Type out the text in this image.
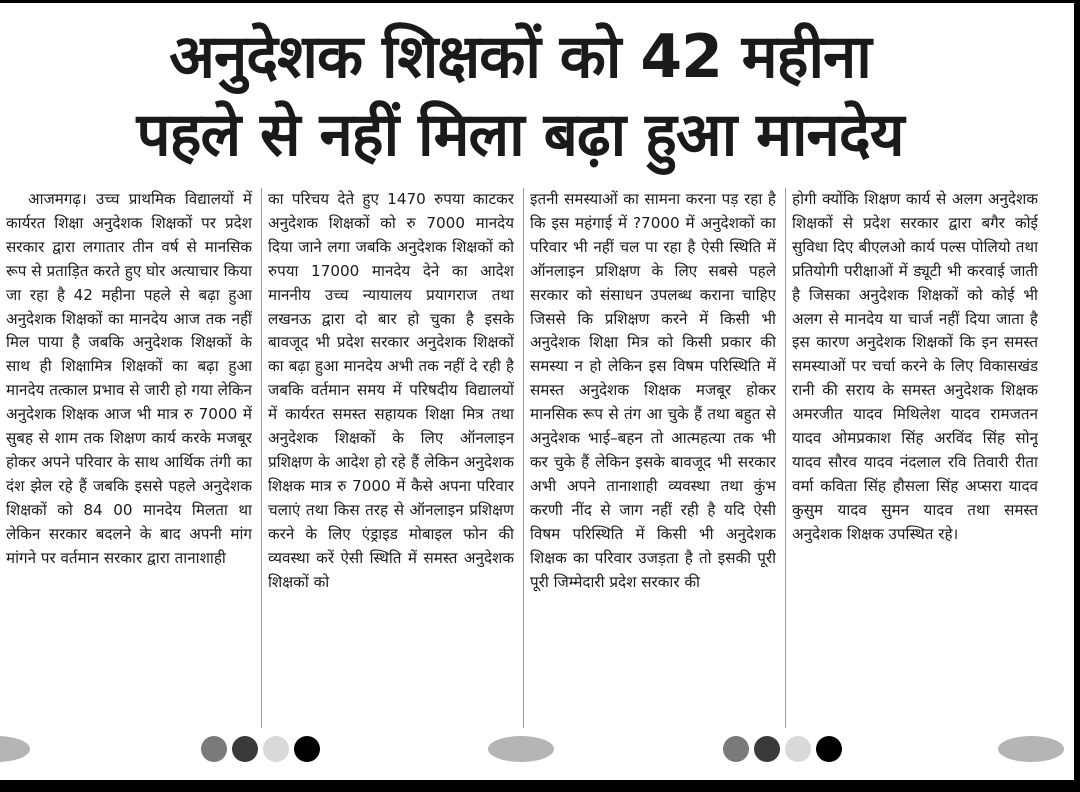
अनुदेशक शिक्षकों को 42 महीना
पहले से नहीं मिला बढ़ा हुआ मानदेय

आजमगढ़। उच्च प्राथमिक विद्यालयों में कार्यरत शिक्षा अनुदेशक शिक्षकों पर प्रदेश सरकार द्वारा लगातार तीन वर्ष से मानसिक रूप से प्रताड़ित करते हुए घोर अत्याचार किया जा रहा है 42 महीना पहले से बढ़ा हुआ अनुदेशक शिक्षकों का मानदेय आज तक नहीं मिल पाया है जबकि अनुदेशक शिक्षकों के साथ ही शिक्षामित्र शिक्षकों का बढ़ा हुआ मानदेय तत्काल प्रभाव से जारी हो गया लेकिन अनुदेशक शिक्षक आज भी मात्र रु 7000 में सुबह से शाम तक शिक्षण कार्य करके मजबूर होकर अपने परिवार के साथ आर्थिक तंगी का दंश झेल रहे हैं जबकि इससे पहले अनुदेशक शिक्षकों को 84 00 मानदेय मिलता था लेकिन सरकार बदलने के बाद अपनी मांग मांगने पर वर्तमान सरकार द्वारा तानाशाही

का परिचय देते हुए 1470 रुपया काटकर अनुदेशक शिक्षकों को रु 7000 मानदेय दिया जाने लगा जबकि अनुदेशक शिक्षकों को रुपया 17000 मानदेय देने का आदेश माननीय उच्च न्यायालय प्रयागराज तथा लखनऊ द्वारा दो बार हो चुका है इसके बावजूद भी प्रदेश सरकार अनुदेशक शिक्षकों का बढ़ा हुआ मानदेय अभी तक नहीं दे रही है जबकि वर्तमान समय में परिषदीय विद्यालयों में कार्यरत समस्त सहायक शिक्षा मित्र तथा अनुदेशक शिक्षकों के लिए ऑनलाइन प्रशिक्षण के आदेश हो रहे हैं लेकिन अनुदेशक शिक्षक मात्र रु 7000 में कैसे अपना परिवार चलाएं तथा किस तरह से ऑनलाइन प्रशिक्षण करने के लिए एंड्राइड मोबाइल फोन की व्यवस्था करें ऐसी स्थिति में समस्त अनुदेशक शिक्षकों को

इतनी समस्याओं का सामना करना पड़ रहा है कि इस महंगाई में ?7000 में अनुदेशकों का परिवार भी नहीं चल पा रहा है ऐसी स्थिति में ऑनलाइन प्रशिक्षण के लिए सबसे पहले सरकार को संसाधन उपलब्ध कराना चाहिए जिससे कि प्रशिक्षण करने में किसी भी अनुदेशक शिक्षा मित्र को किसी प्रकार की समस्या न हो लेकिन इस विषम परिस्थिति में समस्त अनुदेशक शिक्षक मजबूर होकर मानसिक रूप से तंग आ चुके हैं तथा बहुत से अनुदेशक भाई–बहन तो आत्महत्या तक भी कर चुके हैं लेकिन इसके बावजूद भी सरकार अभी अपने तानाशाही व्यवस्था तथा कुंभ करणी नींद से जाग नहीं रही है यदि ऐसी विषम परिस्थिति में किसी भी अनुदेशक शिक्षक का परिवार उजड़ता है तो इसकी पूरी पूरी जिम्मेदारी प्रदेश सरकार की

होगी क्योंकि शिक्षण कार्य से अलग अनुदेशक शिक्षकों से प्रदेश सरकार द्वारा बगैर कोई सुविधा दिए बीएलओ कार्य पल्स पोलियो तथा प्रतियोगी परीक्षाओं में ड्यूटी भी करवाई जाती है जिसका अनुदेशक शिक्षकों को कोई भी अलग से मानदेय या चार्ज नहीं दिया जाता है इस कारण अनुदेशक शिक्षकों कि इन समस्त समस्याओं पर चर्चा करने के लिए विकासखंड रानी की सराय के समस्त अनुदेशक शिक्षक अमरजीत यादव मिथिलेश यादव रामजतन यादव ओमप्रकाश सिंह अरविंद सिंह सोनू यादव सौरव यादव नंदलाल रवि तिवारी रीता वर्मा कविता सिंह हौसला सिंह अप्सरा यादव कुसुम यादव सुमन यादव तथा समस्त अनुदेशक शिक्षक उपस्थित रहे।
